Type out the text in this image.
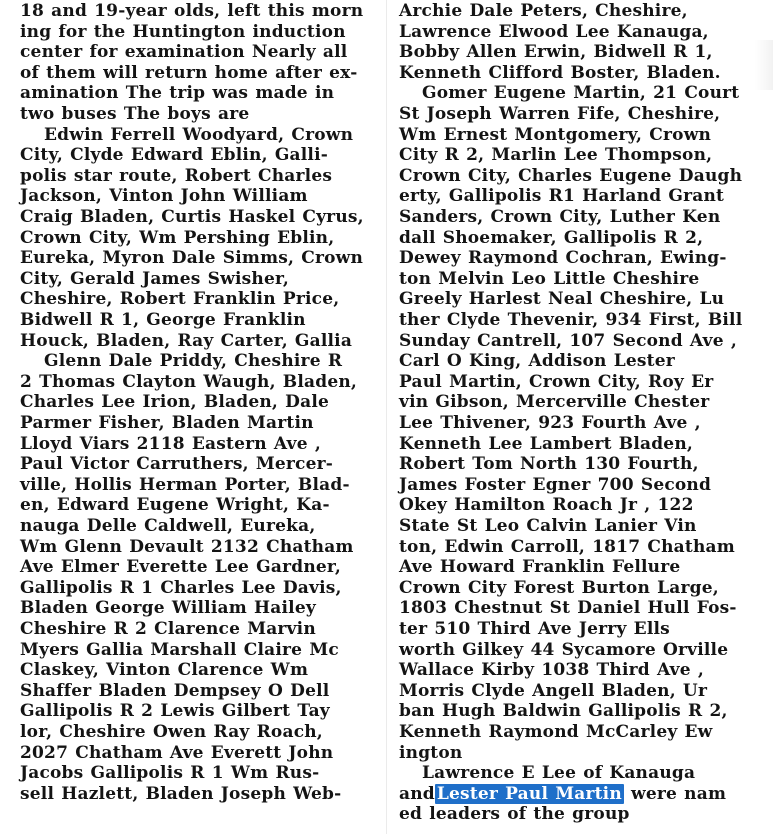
18 and 19-year olds, left this morn
ing for the Huntington induction
center for examination Nearly all
of them will return home after ex-
amination The trip was made in
two buses The boys are
Edwin Ferrell Woodyard, Crown
City, Clyde Edward Eblin, Galli-
polis star route, Robert Charles
Jackson, Vinton John William
Craig Bladen, Curtis Haskel Cyrus,
Crown City, Wm Pershing Eblin,
Eureka, Myron Dale Simms, Crown
City, Gerald James Swisher,
Cheshire, Robert Franklin Price,
Bidwell R 1, George Franklin
Houck, Bladen, Ray Carter, Gallia
Glenn Dale Priddy, Cheshire R
2 Thomas Clayton Waugh, Bladen,
Charles Lee Irion, Bladen, Dale
Parmer Fisher, Bladen Martin
Lloyd Viars 2118 Eastern Ave ,
Paul Victor Carruthers, Mercer-
ville, Hollis Herman Porter, Blad-
en, Edward Eugene Wright, Ka-
nauga Delle Caldwell, Eureka,
Wm Glenn Devault 2132 Chatham
Ave Elmer Everette Lee Gardner,
Gallipolis R 1 Charles Lee Davis,
Bladen George William Hailey
Cheshire R 2 Clarence Marvin
Myers Gallia Marshall Claire Mc
Claskey, Vinton Clarence Wm
Shaffer Bladen Dempsey O Dell
Gallipolis R 2 Lewis Gilbert Tay
lor, Cheshire Owen Ray Roach,
2027 Chatham Ave Everett John
Jacobs Gallipolis R 1 Wm Rus-
sell Hazlett, Bladen Joseph Web-
Archie Dale Peters, Cheshire,
Lawrence Elwood Lee Kanauga,
Bobby Allen Erwin, Bidwell R 1,
Kenneth Clifford Boster, Bladen.
Gomer Eugene Martin, 21 Court
St Joseph Warren Fife, Cheshire,
Wm Ernest Montgomery, Crown
City R 2, Marlin Lee Thompson,
Crown City, Charles Eugene Daugh
erty, Gallipolis R1 Harland Grant
Sanders, Crown City, Luther Ken
dall Shoemaker, Gallipolis R 2,
Dewey Raymond Cochran, Ewing-
ton Melvin Leo Little Cheshire
Greely Harlest Neal Cheshire, Lu
ther Clyde Thevenir, 934 First, Bill
Sunday Cantrell, 107 Second Ave ,
Carl O King, Addison Lester
Paul Martin, Crown City, Roy Er
vin Gibson, Mercerville Chester
Lee Thivener, 923 Fourth Ave ,
Kenneth Lee Lambert Bladen,
Robert Tom North 130 Fourth,
James Foster Egner 700 Second
Okey Hamilton Roach Jr , 122
State St Leo Calvin Lanier Vin
ton, Edwin Carroll, 1817 Chatham
Ave Howard Franklin Fellure
Crown City Forest Burton Large,
1803 Chestnut St Daniel Hull Fos-
ter 510 Third Ave Jerry Ells
worth Gilkey 44 Sycamore Orville
Wallace Kirby 1038 Third Ave ,
Morris Clyde Angell Bladen, Ur
ban Hugh Baldwin Gallipolis R 2,
Kenneth Raymond McCarley Ew
ington
Lawrence E Lee of Kanauga
and Lester Paul Martin were nam
ed leaders of the group
